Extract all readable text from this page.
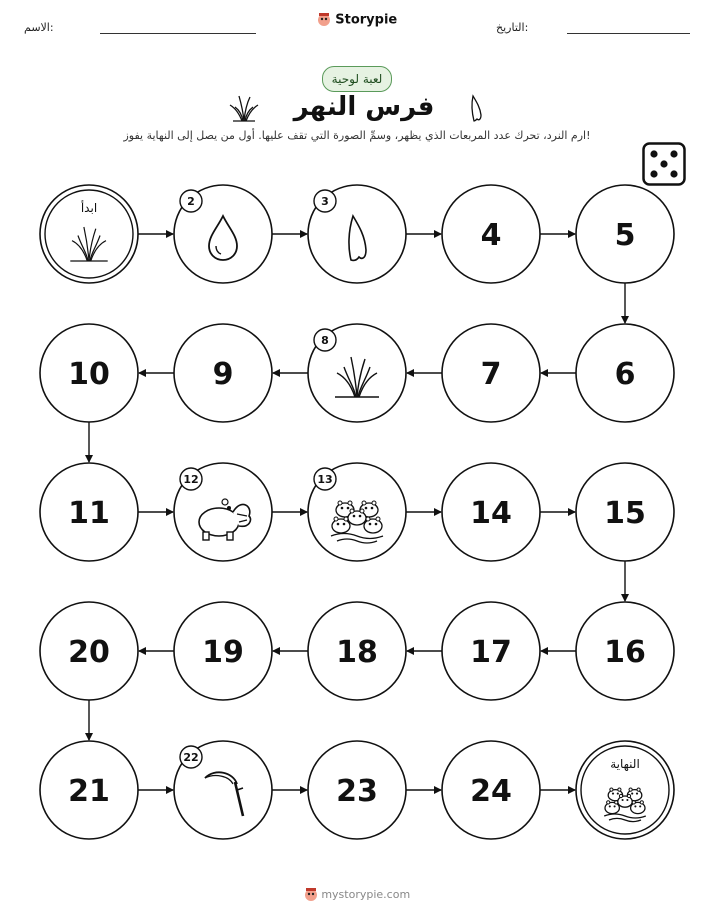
الاسم:	Storypie	التاريخ:
لعبة لوحية
فرس النهر
ارم النرد، تحرك عدد المربعات الذي يظهر، وسمِّ الصورة التي تقف عليها. أول من يصل إلى النهاية يفوز!
ابدأ	2	3
4	5
6
7
8
9
10
11
12	13
14	15
16
17
18
19
20
21
22
23	24
النهاية
mystorypie.com
